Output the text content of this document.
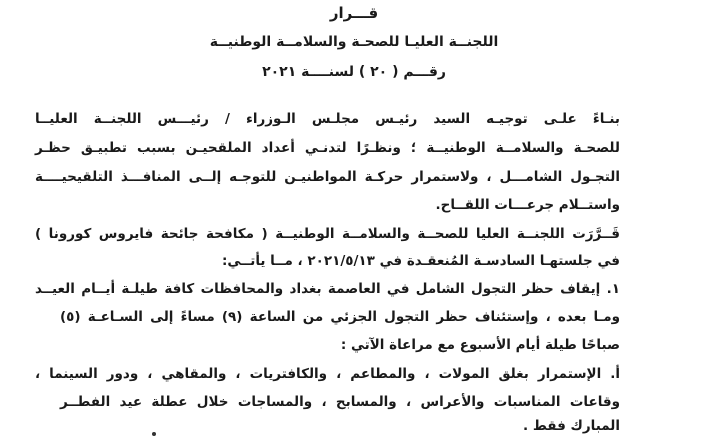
قـــرار
اللجنــة العليـا للصحـة والسلامــة الوطنيــة
رقـــم ( ٢٠ ) لسنــــة ٢٠٢١
بنـاءً علـى توجيـه السيد رئيـس مجلـس الـوزراء / رئيـــس اللجنــة العليــا
للصحـة والسلامــة الوطنيــة ؛ ونظـرًا لتدنـي أعداد الملقحيـن بسبب تطبيـق حظـر
التجـول الشامـــل ، ولاستمرار حركـة المواطنيـن للتوجـه إلــى المنافـــذ التلقيحيــــة
واستــلام جرعـــات اللقــاح.
قَــرَّرَت اللجنــة العليا للصحــة والسلامــة الوطنيــة ( مكافحة جائحة فايروس كورونا )
في جلستهـا السادسـة المُنعقـدة في ٢٠٢١/٥/١٣ ، مــا يأتــي:
١. إيقاف حظر التجول الشامل في العاصمة بغداد والمحافظات كافة طيلـة أيــام العيــد
ومـا بعده ، وإستئناف حظر التجول الجزئي من الساعة (٩) مساءً إلى السـاعـة (٥)
صباحًا طيلة أيام الأسبوع مع مراعاة الآتي :
أ. الإستمرار بغلق المولات ، والمطاعم ، والكافتريات ، والمقاهي ، ودور السينما ،
وقاعات المناسبات والأعراس ، والمسابح ، والمساجات خلال عطلة عيد الفطــر
المبارك فقط .
